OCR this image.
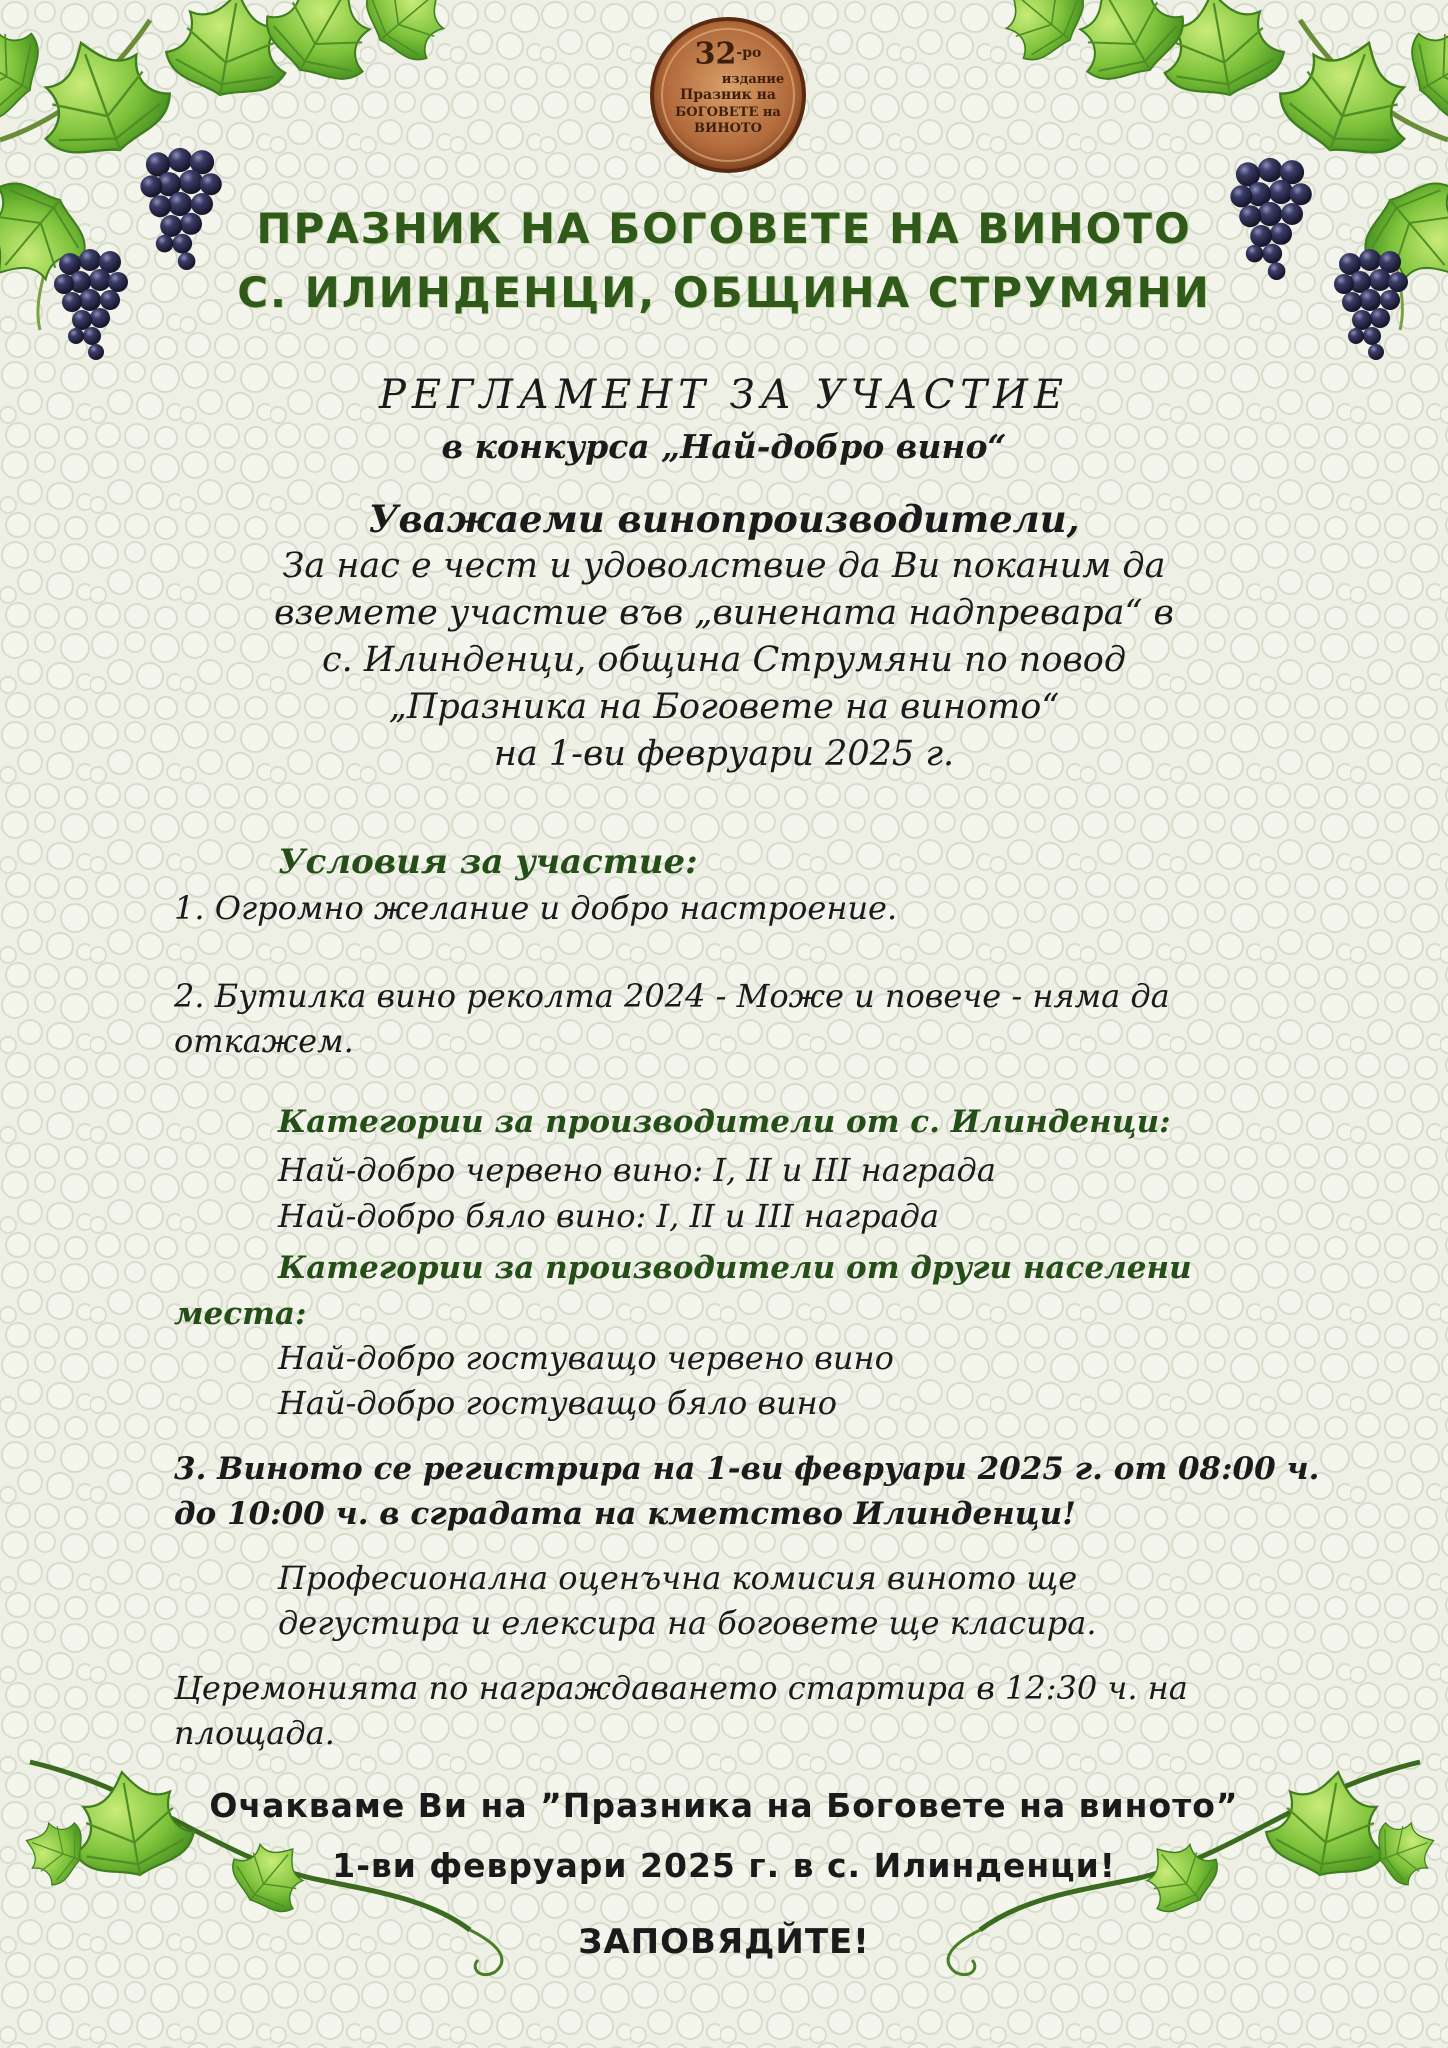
$32^{-ро}$
издание
Празник на
БОГОВЕТЕ на
ВИНОТО
ПРАЗНИК НА БОГОВЕТЕ НА ВИНОТО
С. ИЛИНДЕНЦИ, ОБЩИНА СТРУМЯНИ
РЕГЛАМЕНТ ЗА УЧАСТИЕ
в конкурса „Най-добро вино“
Уважаеми винопроизводители,
За нас е чест и удоволствие да Ви поканим да
вземете участие във „винената надпревара“ в
с. Илинденци, община Струмяни по повод
„Празника на Боговете на виното“
на 1-ви февруари 2025 г.
Условия за участие:
1. Огромно желание и добро настроение.
2. Бутилка вино реколта 2024 - Може и повече - няма да
откажем.
Категории за производители от с. Илинденци:
Най-добро червено вино: І, ІІ и ІІІ награда
Най-добро бяло вино: І, ІІ и ІІІ награда
Категории за производители от други населени
места:
Най-добро гостуващо червено вино
Най-добро гостуващо бяло вино
3. Виното се регистрира на 1-ви февруари 2025 г. от 08:00 ч.
до 10:00 ч. в сградата на кметство Илинденци!
Професионална оценъчна комисия виното ще
дегустира и елексира на боговете ще класира.
Церемонията по награждаването стартира в 12:30 ч. на
площада.
Очакваме Ви на ”Празника на Боговете на виното”
1-ви февруари 2025 г. в с. Илинденци!
ЗАПОВЯДЙТЕ!
